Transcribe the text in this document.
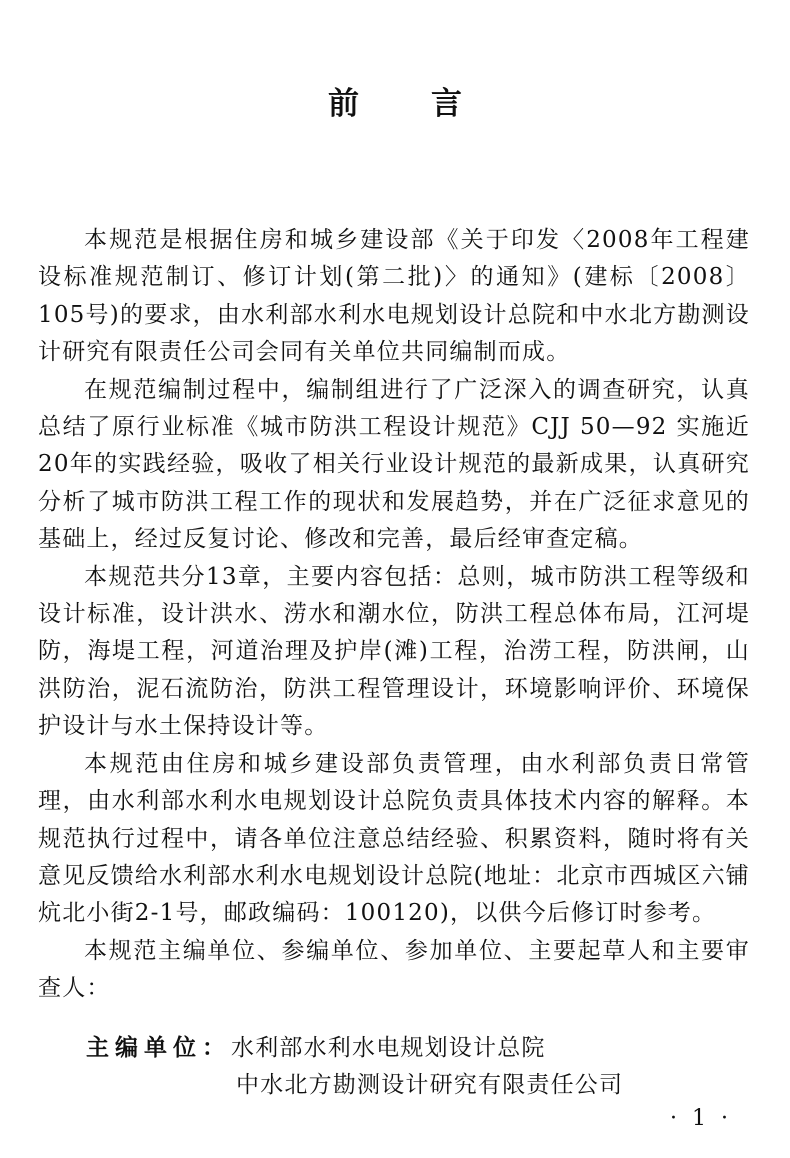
前言

本规范是根据住房和城乡建设部《关于印发〈2008年工程建设标准规范制订、修订计划(第二批)〉的通知》(建标〔2008〕105号)的要求，由水利部水利水电规划设计总院和中水北方勘测设计研究有限责任公司会同有关单位共同编制而成。

在规范编制过程中，编制组进行了广泛深入的调查研究，认真总结了原行业标准《城市防洪工程设计规范》CJJ 50—92 实施近20年的实践经验，吸收了相关行业设计规范的最新成果，认真研究分析了城市防洪工程工作的现状和发展趋势，并在广泛征求意见的基础上，经过反复讨论、修改和完善，最后经审查定稿。

本规范共分13章，主要内容包括：总则，城市防洪工程等级和设计标准，设计洪水、涝水和潮水位，防洪工程总体布局，江河堤防，海堤工程，河道治理及护岸(滩)工程，治涝工程，防洪闸，山洪防治，泥石流防治，防洪工程管理设计，环境影响评价、环境保护设计与水土保持设计等。

本规范由住房和城乡建设部负责管理，由水利部负责日常管理，由水利部水利水电规划设计总院负责具体技术内容的解释。本规范执行过程中，请各单位注意总结经验、积累资料，随时将有关意见反馈给水利部水利水电规划设计总院(地址：北京市西城区六铺炕北小街2-1号，邮政编码：100120)，以供今后修订时参考。

本规范主编单位、参编单位、参加单位、主要起草人和主要审查人：

主编单位：水利部水利水电规划设计总院
中水北方勘测设计研究有限责任公司
· 1 ·
